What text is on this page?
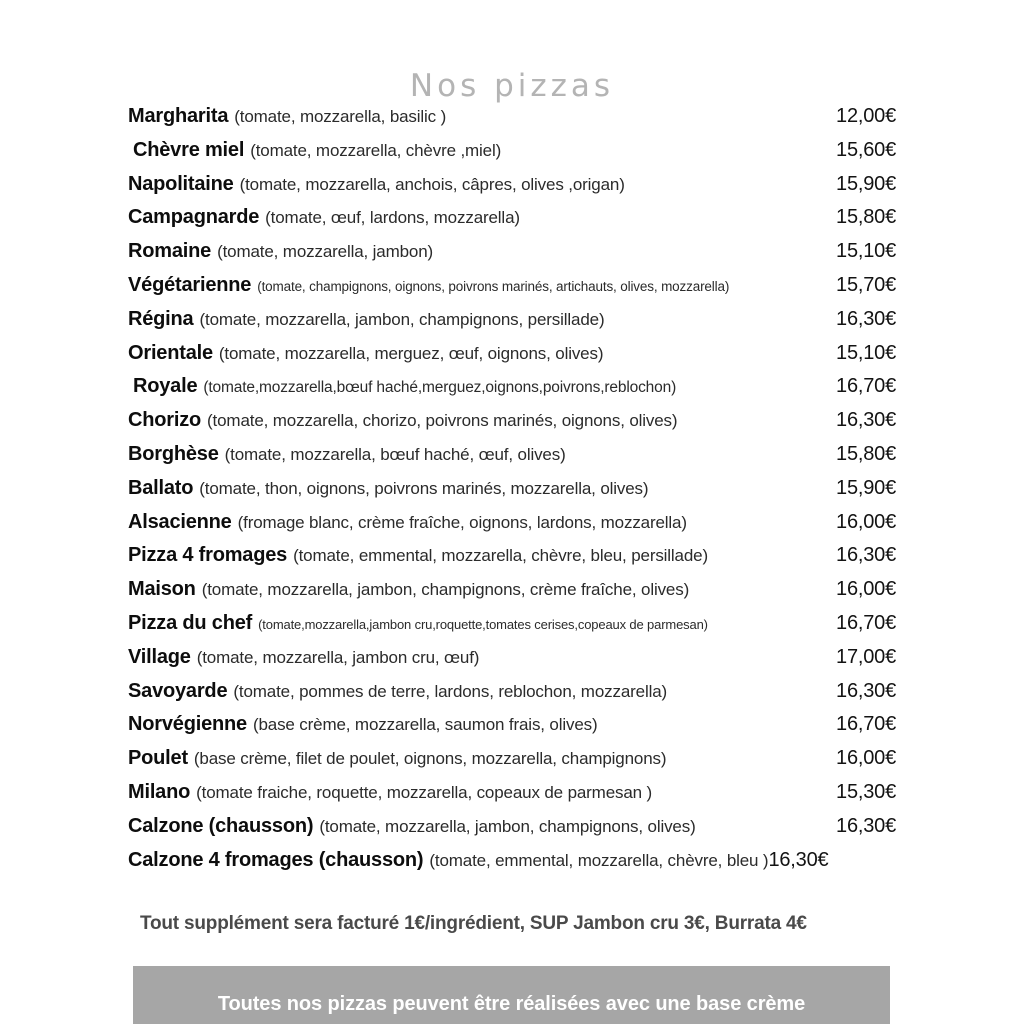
Nos pizzas
Margharita (tomate, mozzarella, basilic )	12,00€
Chèvre miel (tomate, mozzarella, chèvre ,miel)	15,60€
Napolitaine (tomate, mozzarella, anchois, câpres, olives ,origan)	15,90€
Campagnarde (tomate, œuf, lardons, mozzarella)	15,80€
Romaine (tomate, mozzarella, jambon)	15,10€
Végétarienne (tomate, champignons, oignons, poivrons marinés, artichauts, olives, mozzarella)	15,70€
Régina (tomate, mozzarella, jambon, champignons, persillade)	16,30€
Orientale (tomate, mozzarella, merguez, œuf, oignons, olives)	15,10€
Royale (tomate,mozzarella,bœuf haché,merguez,oignons,poivrons,reblochon)	16,70€
Chorizo (tomate, mozzarella, chorizo, poivrons marinés, oignons, olives)	16,30€
Borghèse (tomate, mozzarella, bœuf haché, œuf, olives)	15,80€
Ballato (tomate, thon, oignons, poivrons marinés, mozzarella, olives)	15,90€
Alsacienne (fromage blanc, crème fraîche, oignons, lardons, mozzarella)	16,00€
Pizza 4 fromages (tomate, emmental, mozzarella, chèvre, bleu, persillade)	16,30€
Maison (tomate, mozzarella, jambon, champignons, crème fraîche, olives)	16,00€
Pizza du chef (tomate,mozzarella,jambon cru,roquette,tomates cerises,copeaux de parmesan)	16,70€
Village (tomate, mozzarella, jambon cru, œuf)	17,00€
Savoyarde (tomate, pommes de terre, lardons, reblochon, mozzarella)	16,30€
Norvégienne (base crème, mozzarella, saumon frais, olives)	16,70€
Poulet (base crème, filet de poulet, oignons, mozzarella, champignons)	16,00€
Milano (tomate fraiche, roquette, mozzarella, copeaux de parmesan )	15,30€
Calzone (chausson) (tomate, mozzarella, jambon, champignons, olives)	16,30€
Calzone 4 fromages (chausson) (tomate, emmental, mozzarella, chèvre, bleu ) 16,30€
Tout supplément sera facturé 1€/ingrédient, SUP Jambon cru 3€, Burrata 4€
Toutes nos pizzas peuvent être réalisées avec une base crème
